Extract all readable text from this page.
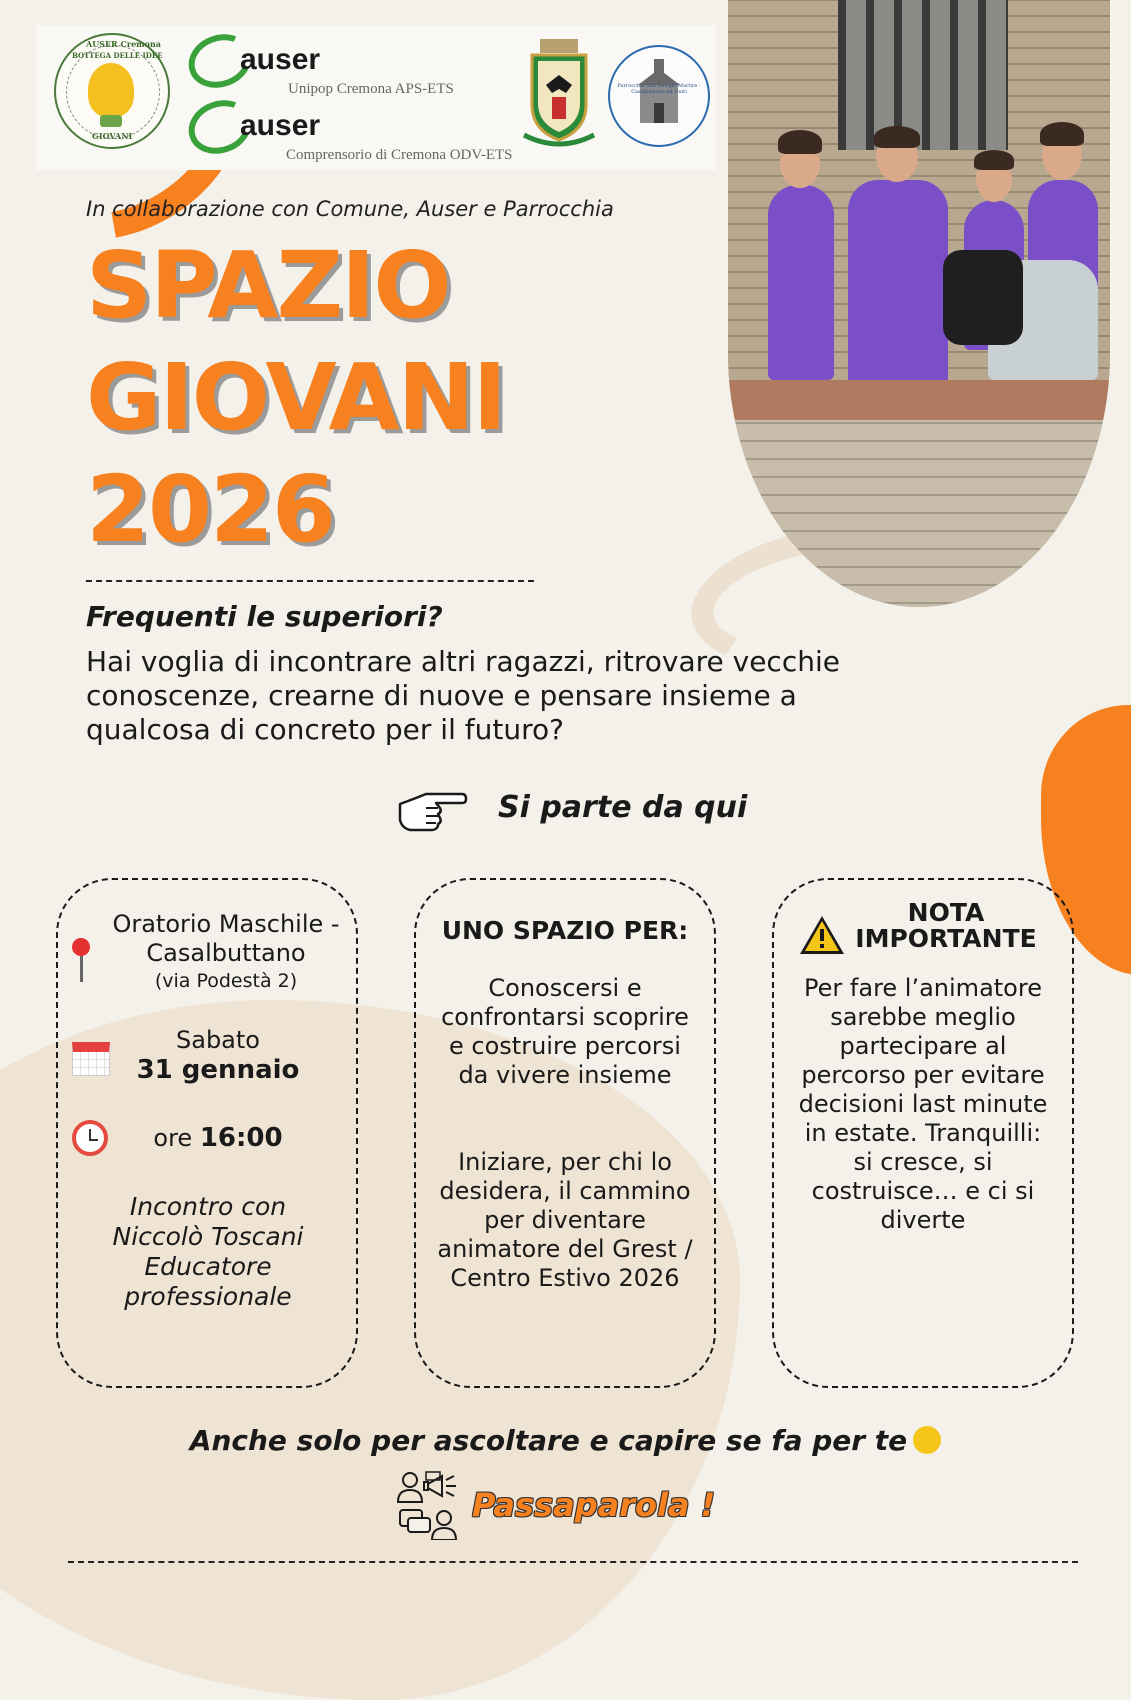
AUSER Cremona
BOTTEGA DELLE IDEE
GIOVANI
auser
Unipop Cremona APS-ETS
auser
Comprensorio di Cremona ODV-ETS
Parrocchia San Giorgio Martire · Casalbuttano ed Uniti
In collaborazione con Comune, Auser e Parrocchia
SPAZIO
GIOVANI
2026
Frequenti le superiori?
Hai voglia di incontrare altri ragazzi, ritrovare vecchie conoscenze, crearne di nuove e pensare insieme a qualcosa di concreto per il futuro?
Si parte da qui
Oratorio Maschile - Casalbuttano
(via Podestà 2)
Sabato
31 gennaio
ore 16:00
Incontro con Niccolò Toscani Educatore professionale
UNO SPAZIO PER:
Conoscersi e confrontarsi scoprire e costruire percorsi da vivere insieme
Iniziare, per chi lo desidera, il cammino per diventare animatore del Grest / Centro Estivo 2026
NOTA IMPORTANTE
Per fare l’animatore sarebbe meglio partecipare al percorso per evitare decisioni last minute in estate. Tranquilli: si cresce, si costruisce… e ci si diverte
Anche solo per ascoltare e capire se fa per te
Passaparola !
